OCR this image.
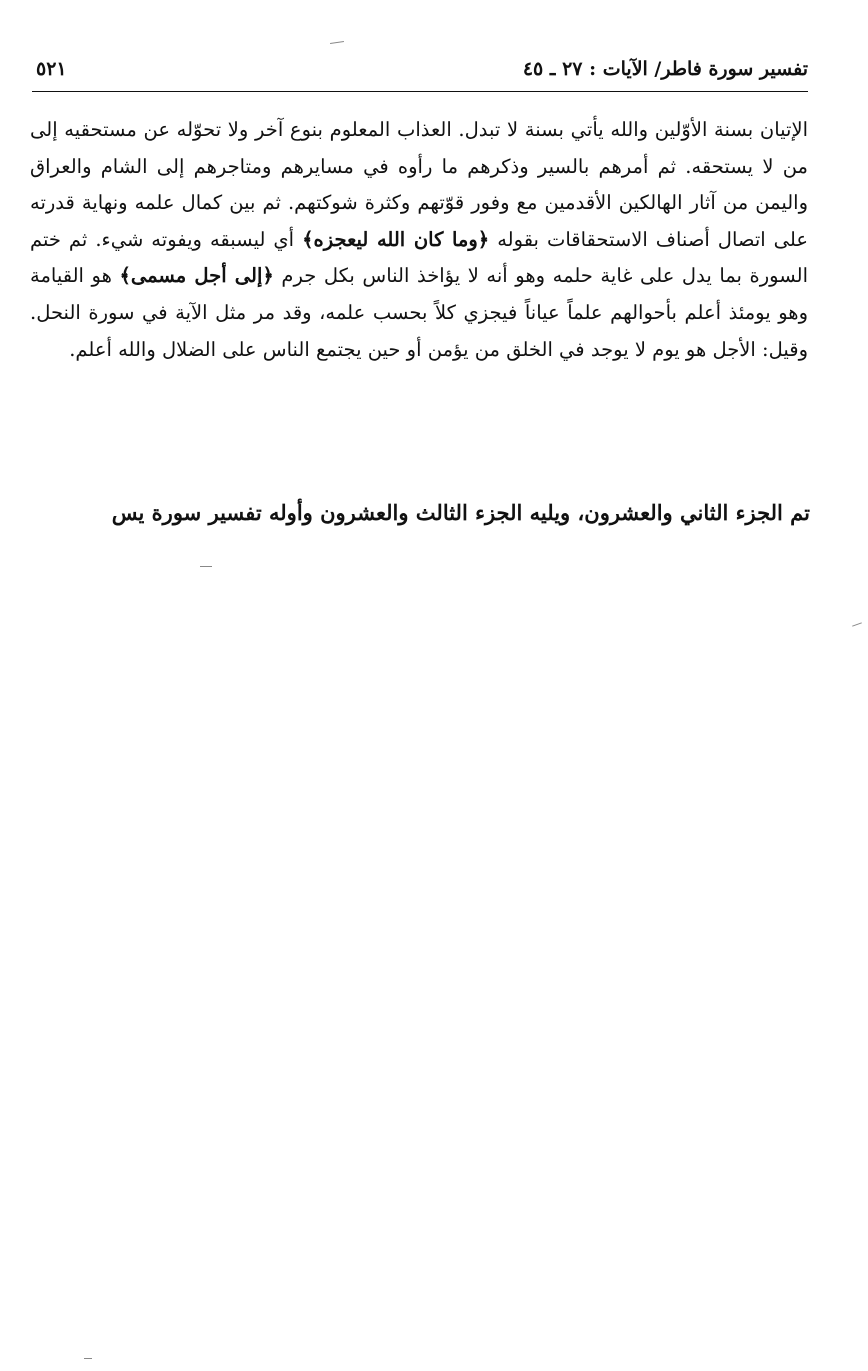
تفسير سورة فاطر/ الآيات : ٢٧ ـ ٤٥
٥٢١

الإتيان بسنة الأوّلين والله يأتي بسنة لا تبدل. العذاب المعلوم بنوع آخر ولا تحوّله عن مستحقيه إلى من لا يستحقه. ثم أمرهم بالسير وذكرهم ما رأوه في مسايرهم ومتاجرهم إلى الشام والعراق واليمن من آثار الهالكين الأقدمين مع وفور قوّتهم وكثرة شوكتهم. ثم بين كمال علمه ونهاية قدرته على اتصال أصناف الاستحقاقات بقوله ﴿وما كان الله ليعجزه﴾ أي ليسبقه ويفوته شيء. ثم ختم السورة بما يدل على غاية حلمه وهو أنه لا يؤاخذ الناس بكل جرم ﴿إلى أجل مسمى﴾ هو القيامة وهو يومئذ أعلم بأحوالهم علماً عياناً فيجزي كلاً بحسب علمه، وقد مر مثل الآية في سورة النحل. وقيل: الأجل هو يوم لا يوجد في الخلق من يؤمن أو حين يجتمع الناس على الضلال والله أعلم.

تم الجزء الثاني والعشرون، ويليه الجزء الثالث والعشرون وأوله تفسير سورة يس
